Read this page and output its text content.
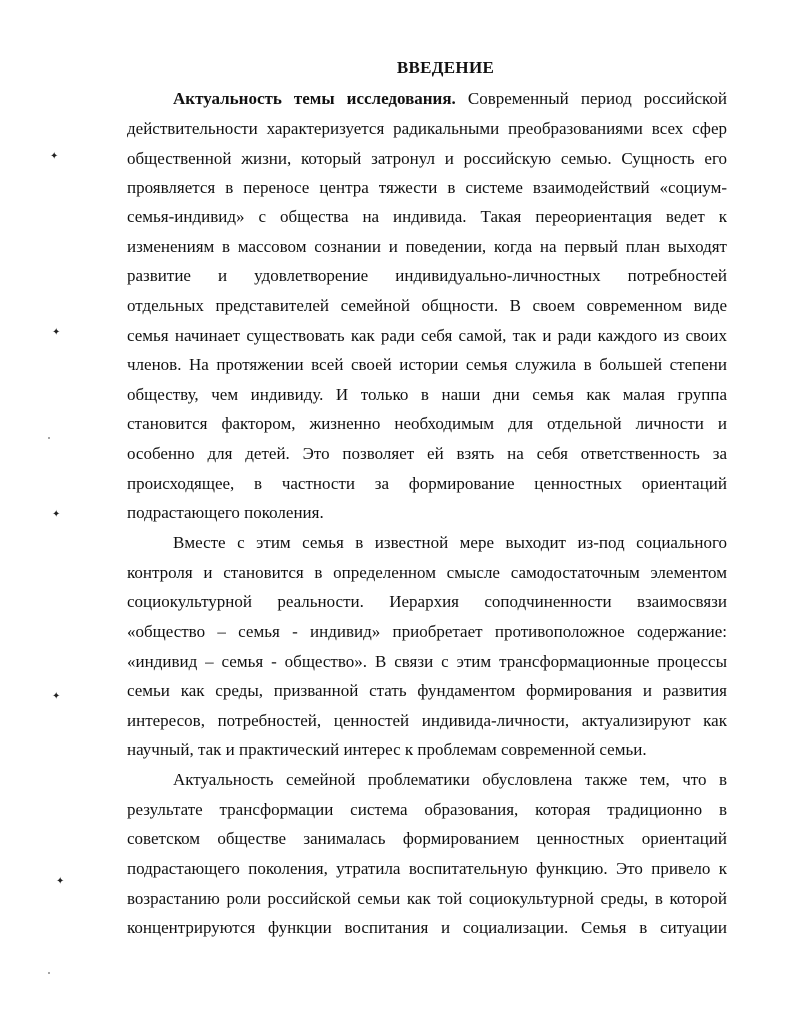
ВВЕДЕНИЕ
Актуальность темы исследования. Современный период российской
действительности характеризуется радикальными преобразованиями всех сфер
общественной жизни, который затронул и российскую семью. Сущность его
проявляется в переносе центра тяжести в системе взаимодействий «социум-
семья-индивид» с общества на индивида. Такая переориентация ведет к
изменениям в массовом сознании и поведении, когда на первый план выходят
развитие и удовлетворение индивидуально-личностных потребностей
отдельных представителей семейной общности. В своем современном виде
семья начинает существовать как ради себя самой, так и ради каждого из своих
членов. На протяжении всей своей истории семья служила в большей степени
обществу, чем индивиду. И только в наши дни семья как малая группа
становится фактором, жизненно необходимым для отдельной личности и
особенно для детей. Это позволяет ей взять на себя ответственность за
происходящее, в частности за формирование ценностных ориентаций
подрастающего поколения.
Вместе с этим семья в известной мере выходит из-под социального
контроля и становится в определенном смысле самодостаточным элементом
социокультурной реальности. Иерархия соподчиненности взаимосвязи
«общество – семья - индивид» приобретает противоположное содержание:
«индивид – семья - общество». В связи с этим трансформационные процессы
семьи как среды, призванной стать фундаментом формирования и развития
интересов, потребностей, ценностей индивида-личности, актуализируют как
научный, так и практический интерес к проблемам современной семьи.
Актуальность семейной проблематики обусловлена также тем, что в
результате трансформации система образования, которая традиционно в
советском обществе занималась формированием ценностных ориентаций
подрастающего поколения, утратила воспитательную функцию. Это привело к
возрастанию роли российской семьи как той социокультурной среды, в которой
концентрируются функции воспитания и социализации. Семья в ситуации
✦
✦
✦
✦
✦
